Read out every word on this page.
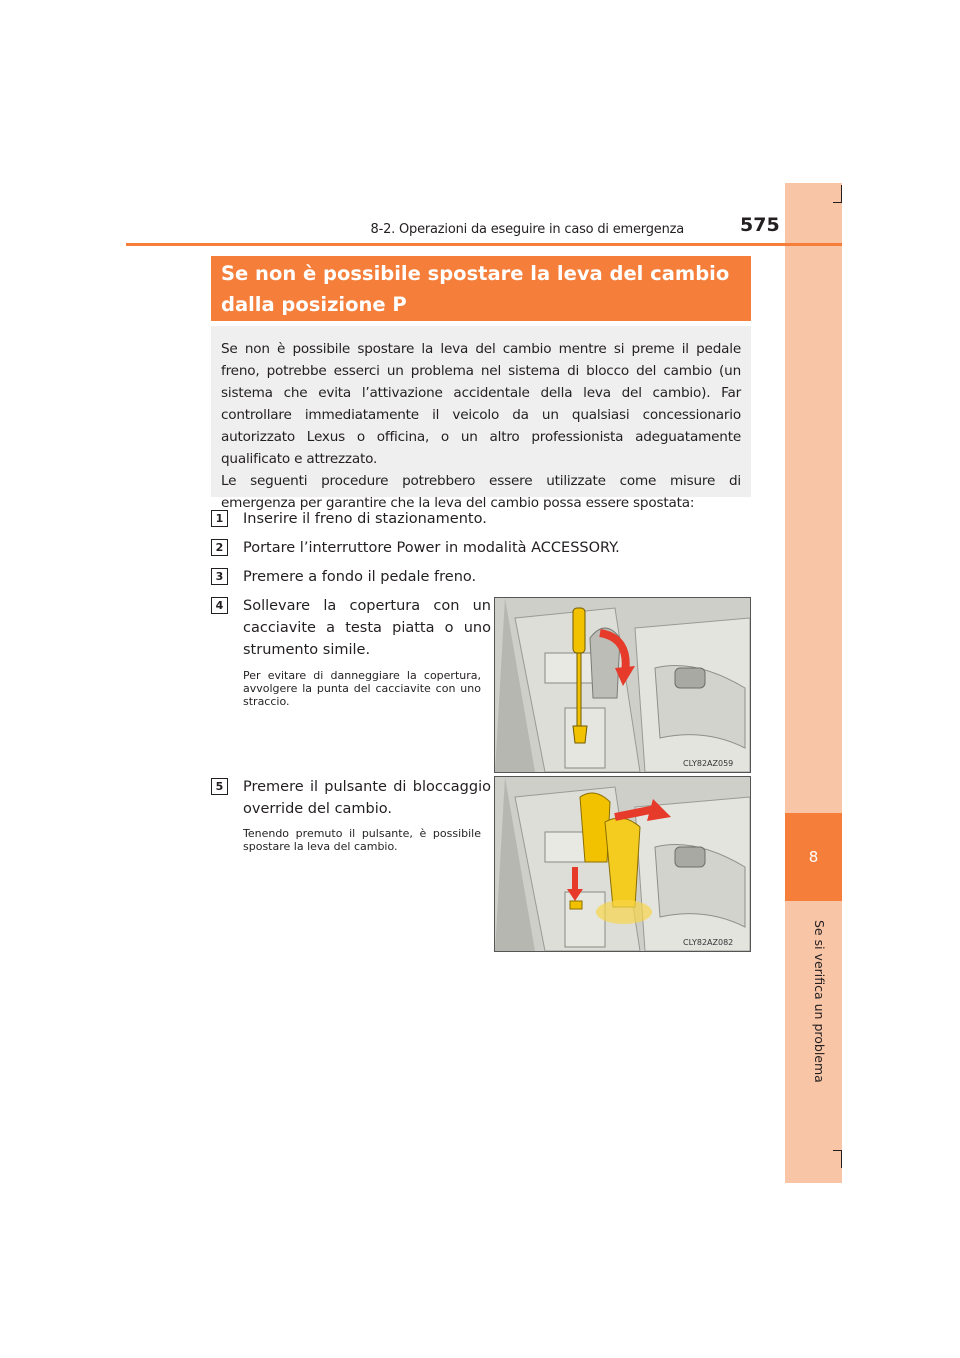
8
Se si verifica un problema
8-2. Operazioni da eseguire in caso di emergenza	575
Se non è possibile spostare la leva del cambio dalla posizione P

Se non è possibile spostare la leva del cambio mentre si preme il pedale freno, potrebbe esserci un problema nel sistema di blocco del cambio (un sistema che evita l’attivazione accidentale della leva del cambio). Far controllare immediatamente il veicolo da un qualsiasi concessionario autorizzato Lexus o officina, o un altro professionista adeguatamente qualificato e attrezzato.

Le seguenti procedure potrebbero essere utilizzate come misure di emergenza per garantire che la leva del cambio possa essere spostata:

1	Inserire il freno di stazionamento.
2	Portare l’interruttore Power in modalità ACCESSORY.
3	Premere a fondo il pedale freno.
4	Sollevare la copertura con un cacciavite a testa piatta o uno strumento simile.
Per evitare di danneggiare la copertura, avvolgere la punta del cacciavite con uno straccio.
5	Premere il pulsante di bloccaggio override del cambio.
Tenendo premuto il pulsante, è possibile spostare la leva del cambio.
CLY82AZ059
CLY82AZ082
